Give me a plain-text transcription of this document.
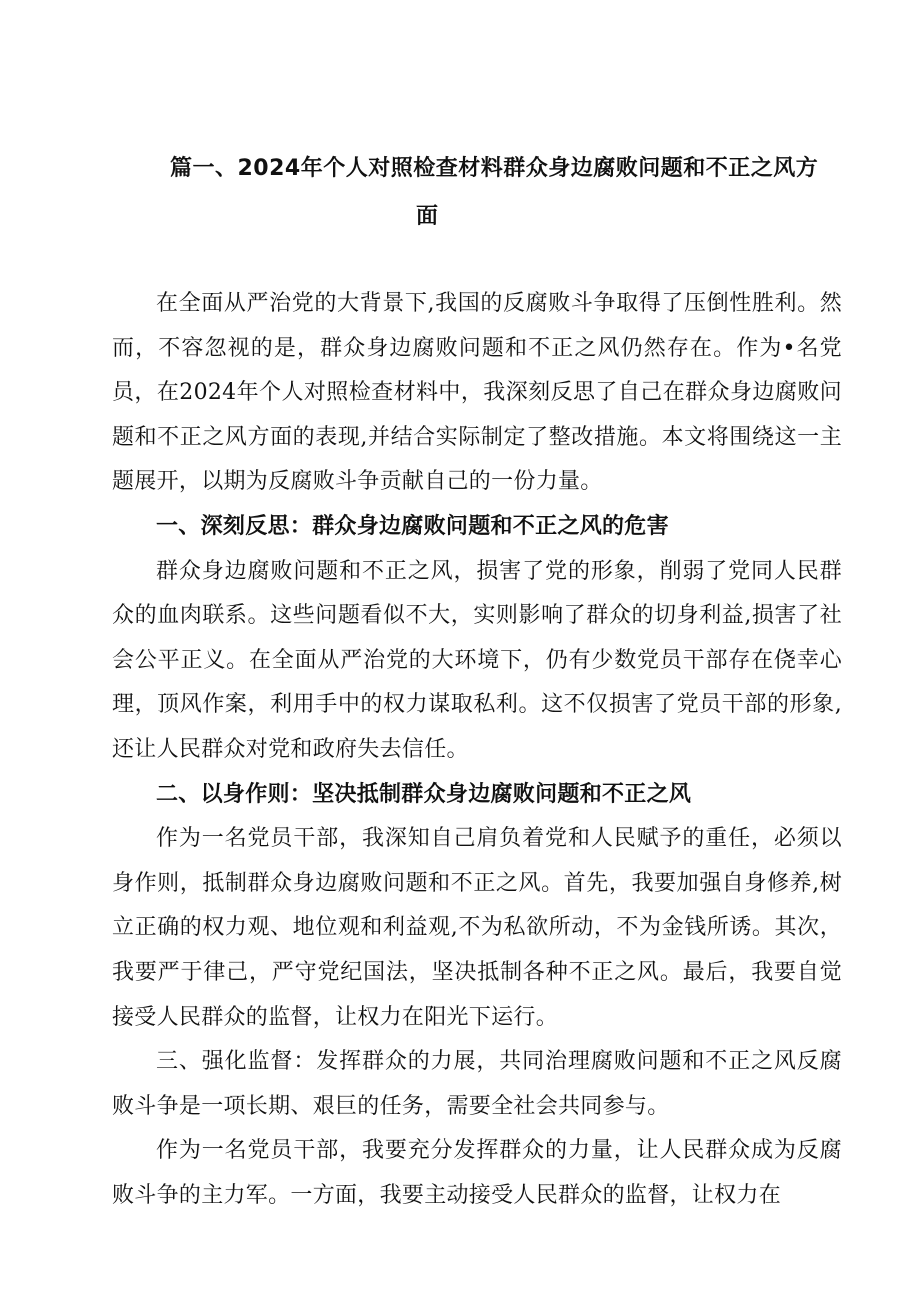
篇一、2024年个人对照检查材料群众身边腐败问题和不正之风方
面

在全面从严治党的大背景下,我国的反腐败斗争取得了压倒性胜利。然而，不容忽视的是，群众身边腐败问题和不正之风仍然存在。作为•名党员，在2024年个人对照检查材料中，我深刻反思了自己在群众身边腐败问题和不正之风方面的表现,并结合实际制定了整改措施。本文将围绕这一主题展开，以期为反腐败斗争贡献自己的一份力量。

一、深刻反思：群众身边腐败问题和不正之风的危害

群众身边腐败问题和不正之风，损害了党的形象，削弱了党同人民群众的血肉联系。这些问题看似不大，实则影响了群众的切身利益,损害了社会公平正义。在全面从严治党的大环境下，仍有少数党员干部存在侥幸心理，顶风作案，利用手中的权力谋取私利。这不仅损害了党员干部的形象,还让人民群众对党和政府失去信任。

二、以身作则：坚决抵制群众身边腐败问题和不正之风

作为一名党员干部，我深知自己肩负着党和人民赋予的重任，必须以身作则，抵制群众身边腐败问题和不正之风。首先，我要加强自身修养,树立正确的权力观、地位观和利益观,不为私欲所动，不为金钱所诱。其次，我要严于律己，严守党纪国法，坚决抵制各种不正之风。最后，我要自觉接受人民群众的监督，让权力在阳光下运行。

三、强化监督：发挥群众的力展，共同治理腐败问题和不正之风反腐败斗争是一项长期、艰巨的任务，需要全社会共同参与。

作为一名党员干部，我要充分发挥群众的力量，让人民群众成为反腐败斗争的主力军。一方面，我要主动接受人民群众的监督，让权力在
